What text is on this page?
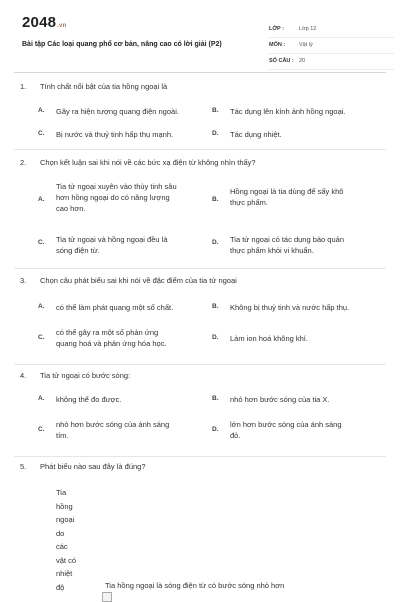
2048.vn
Bài tập Các loại quang phổ cơ bản, nâng cao có lời giải (P2)
LỚP :	Lớp 12
MÔN :	Vật lý
SỐ CÂU : 20
1. Tính chất nổi bật của tia hồng ngoại là
A. Gây ra hiện tượng quang điện ngoài.	B. Tác dụng lên kính ảnh hồng ngoại.
C. Bị nước và thuỷ tinh hấp thụ mạnh.	D. Tác dụng nhiệt.
2. Chọn kết luận sai khi nói về các bức xạ điện từ không nhìn thấy?
A.
Tia tử ngoại xuyên vào thủy tinh sâu
hơn hồng ngoại do có năng lượng
cao hơn.
B.
Hồng ngoại là tia dùng để sấy khô
thực phẩm.
C. Tia tử ngoại và hồng ngoại đều là
sóng điện từ.
D. Tia tử ngoại có tác dụng bảo quản
thực phẩm khỏi vi khuẩn.
3. Chọn câu phát biểu sai khi nói về đặc điểm của tia tử ngoại
A. có thể làm phát quang một số chất.	B. Không bị thuỷ tinh và nước hấp thụ.
C.
có thể gây ra một số phản ứng
quang hoá và phản ứng hóa học.
D. Làm ion hoá không khí.
4. Tia tử ngoại có bước sóng:
A. không thể đo được.	B. nhỏ hơn bước sóng của tia X.
C.
nhỏ hơn bước sóng của ánh sáng
tím.
D.
lớn hơn bước sóng của ánh sáng
đỏ.
5. Phát biểu nào sau đây là đúng?
Tia
hồng
ngoại
do
các
vật có
nhiệt
độ	Tia hồng ngoại là sóng điện từ có bước sóng nhỏ hơn
